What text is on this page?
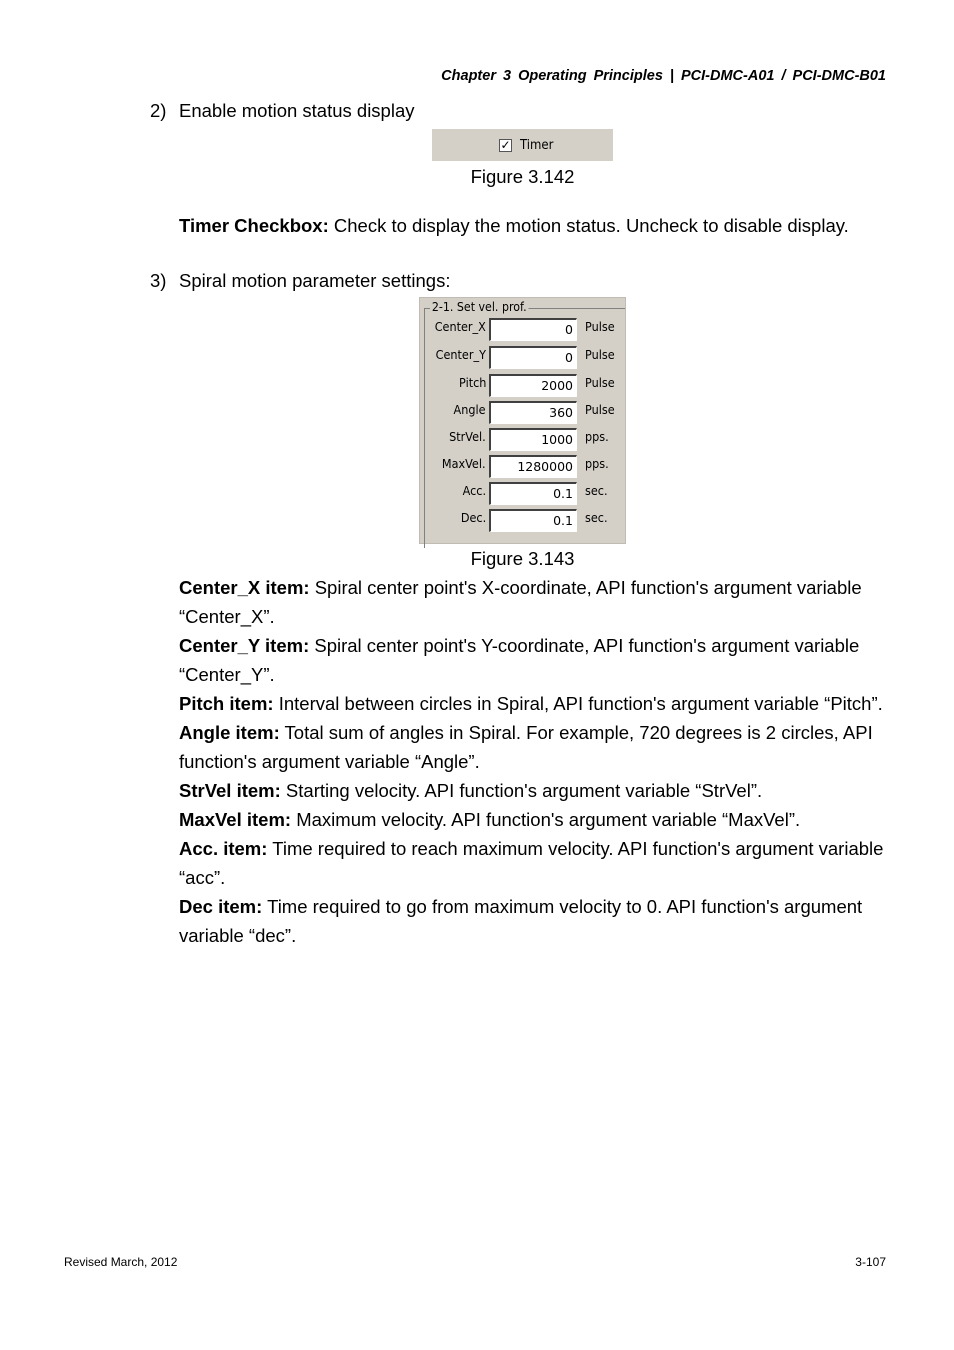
Chapter 3 Operating Principles | PCI-DMC-A01 / PCI-DMC-B01
2) Enable motion status display
✓ Timer
Figure 3.142
Timer Checkbox: Check to display the motion status. Uncheck to disable display.
3) Spiral motion parameter settings:
2-1. Set vel. prof.
Center_X	0 Pulse
Center_Y	0 Pulse
Pitch	2000 Pulse
Angle	360 Pulse
StrVel.	1000 pps.
MaxVel.	1280000 pps.
Acc.	0.1 sec.
Dec.	0.1 sec.
Figure 3.143

Center_X item: Spiral center point's X-coordinate, API function's argument variable “Center_X”.

Center_Y item: Spiral center point's Y-coordinate, API function's argument variable “Center_Y”.

Pitch item: Interval between circles in Spiral, API function's argument variable “Pitch”.

Angle item: Total sum of angles in Spiral. For example, 720 degrees is 2 circles, API function's argument variable “Angle”.

StrVel item: Starting velocity. API function's argument variable “StrVel”.

MaxVel item: Maximum velocity. API function's argument variable “MaxVel”.

Acc. item: Time required to reach maximum velocity. API function's argument variable “acc”.

Dec item: Time required to go from maximum velocity to 0. API function's argument variable “dec”.

Revised March, 2012	3-107
